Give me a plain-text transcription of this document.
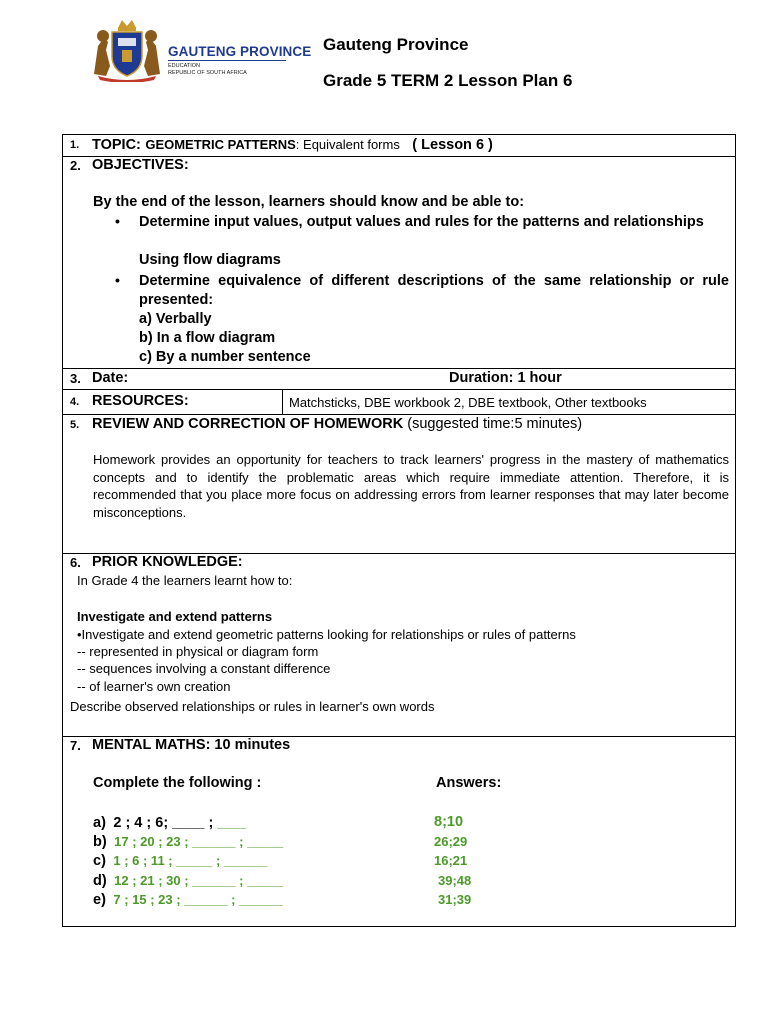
GAUTENG PROVINCE
EDUCATION
REPUBLIC OF SOUTH AFRICA
Gauteng Province
Grade 5 TERM 2 Lesson Plan 6
1. TOPIC: GEOMETRIC PATTERNS: Equivalent forms ( Lesson 6 )
2. OBJECTIVES:
By the end of the lesson, learners should know and be able to:
• Determine input values, output values and rules for the patterns and relationships
Using flow diagrams
• Determine equivalence of different descriptions of the same relationship or rule presented:
a) Verbally
b) In a flow diagram
c) By a number sentence
3. Date:	Duration: 1 hour
4. RESOURCES:	Matchsticks, DBE workbook 2, DBE textbook, Other textbooks
5. REVIEW AND CORRECTION OF HOMEWORK (suggested time:5 minutes)
Homework provides an opportunity for teachers to track learners' progress in the mastery of mathematics concepts and to identify the problematic areas which require immediate attention. Therefore, it is recommended that you place more focus on addressing errors from learner responses that may later become misconceptions.
6. PRIOR KNOWLEDGE:
In Grade 4 the learners learnt how to:
Investigate and extend patterns
•Investigate and extend geometric patterns looking for relationships or rules of patterns
-- represented in physical or diagram form
-- sequences involving a constant difference
-- of learner's own creation
Describe observed relationships or rules in learner's own words
7. MENTAL MATHS: 10 minutes
Complete the following :	Answers:
a) 2 ; 4 ; 6; ____ ; ____	8;10
b) 17 ; 20 ; 23 ; ______ ; _____	26;29
c) 1 ; 6 ; 11 ; _____ ; ______	16;21
d) 12 ; 21 ; 30 ; ______ ; _____	39;48
e) 7 ; 15 ; 23 ; ______ ; ______	31;39
